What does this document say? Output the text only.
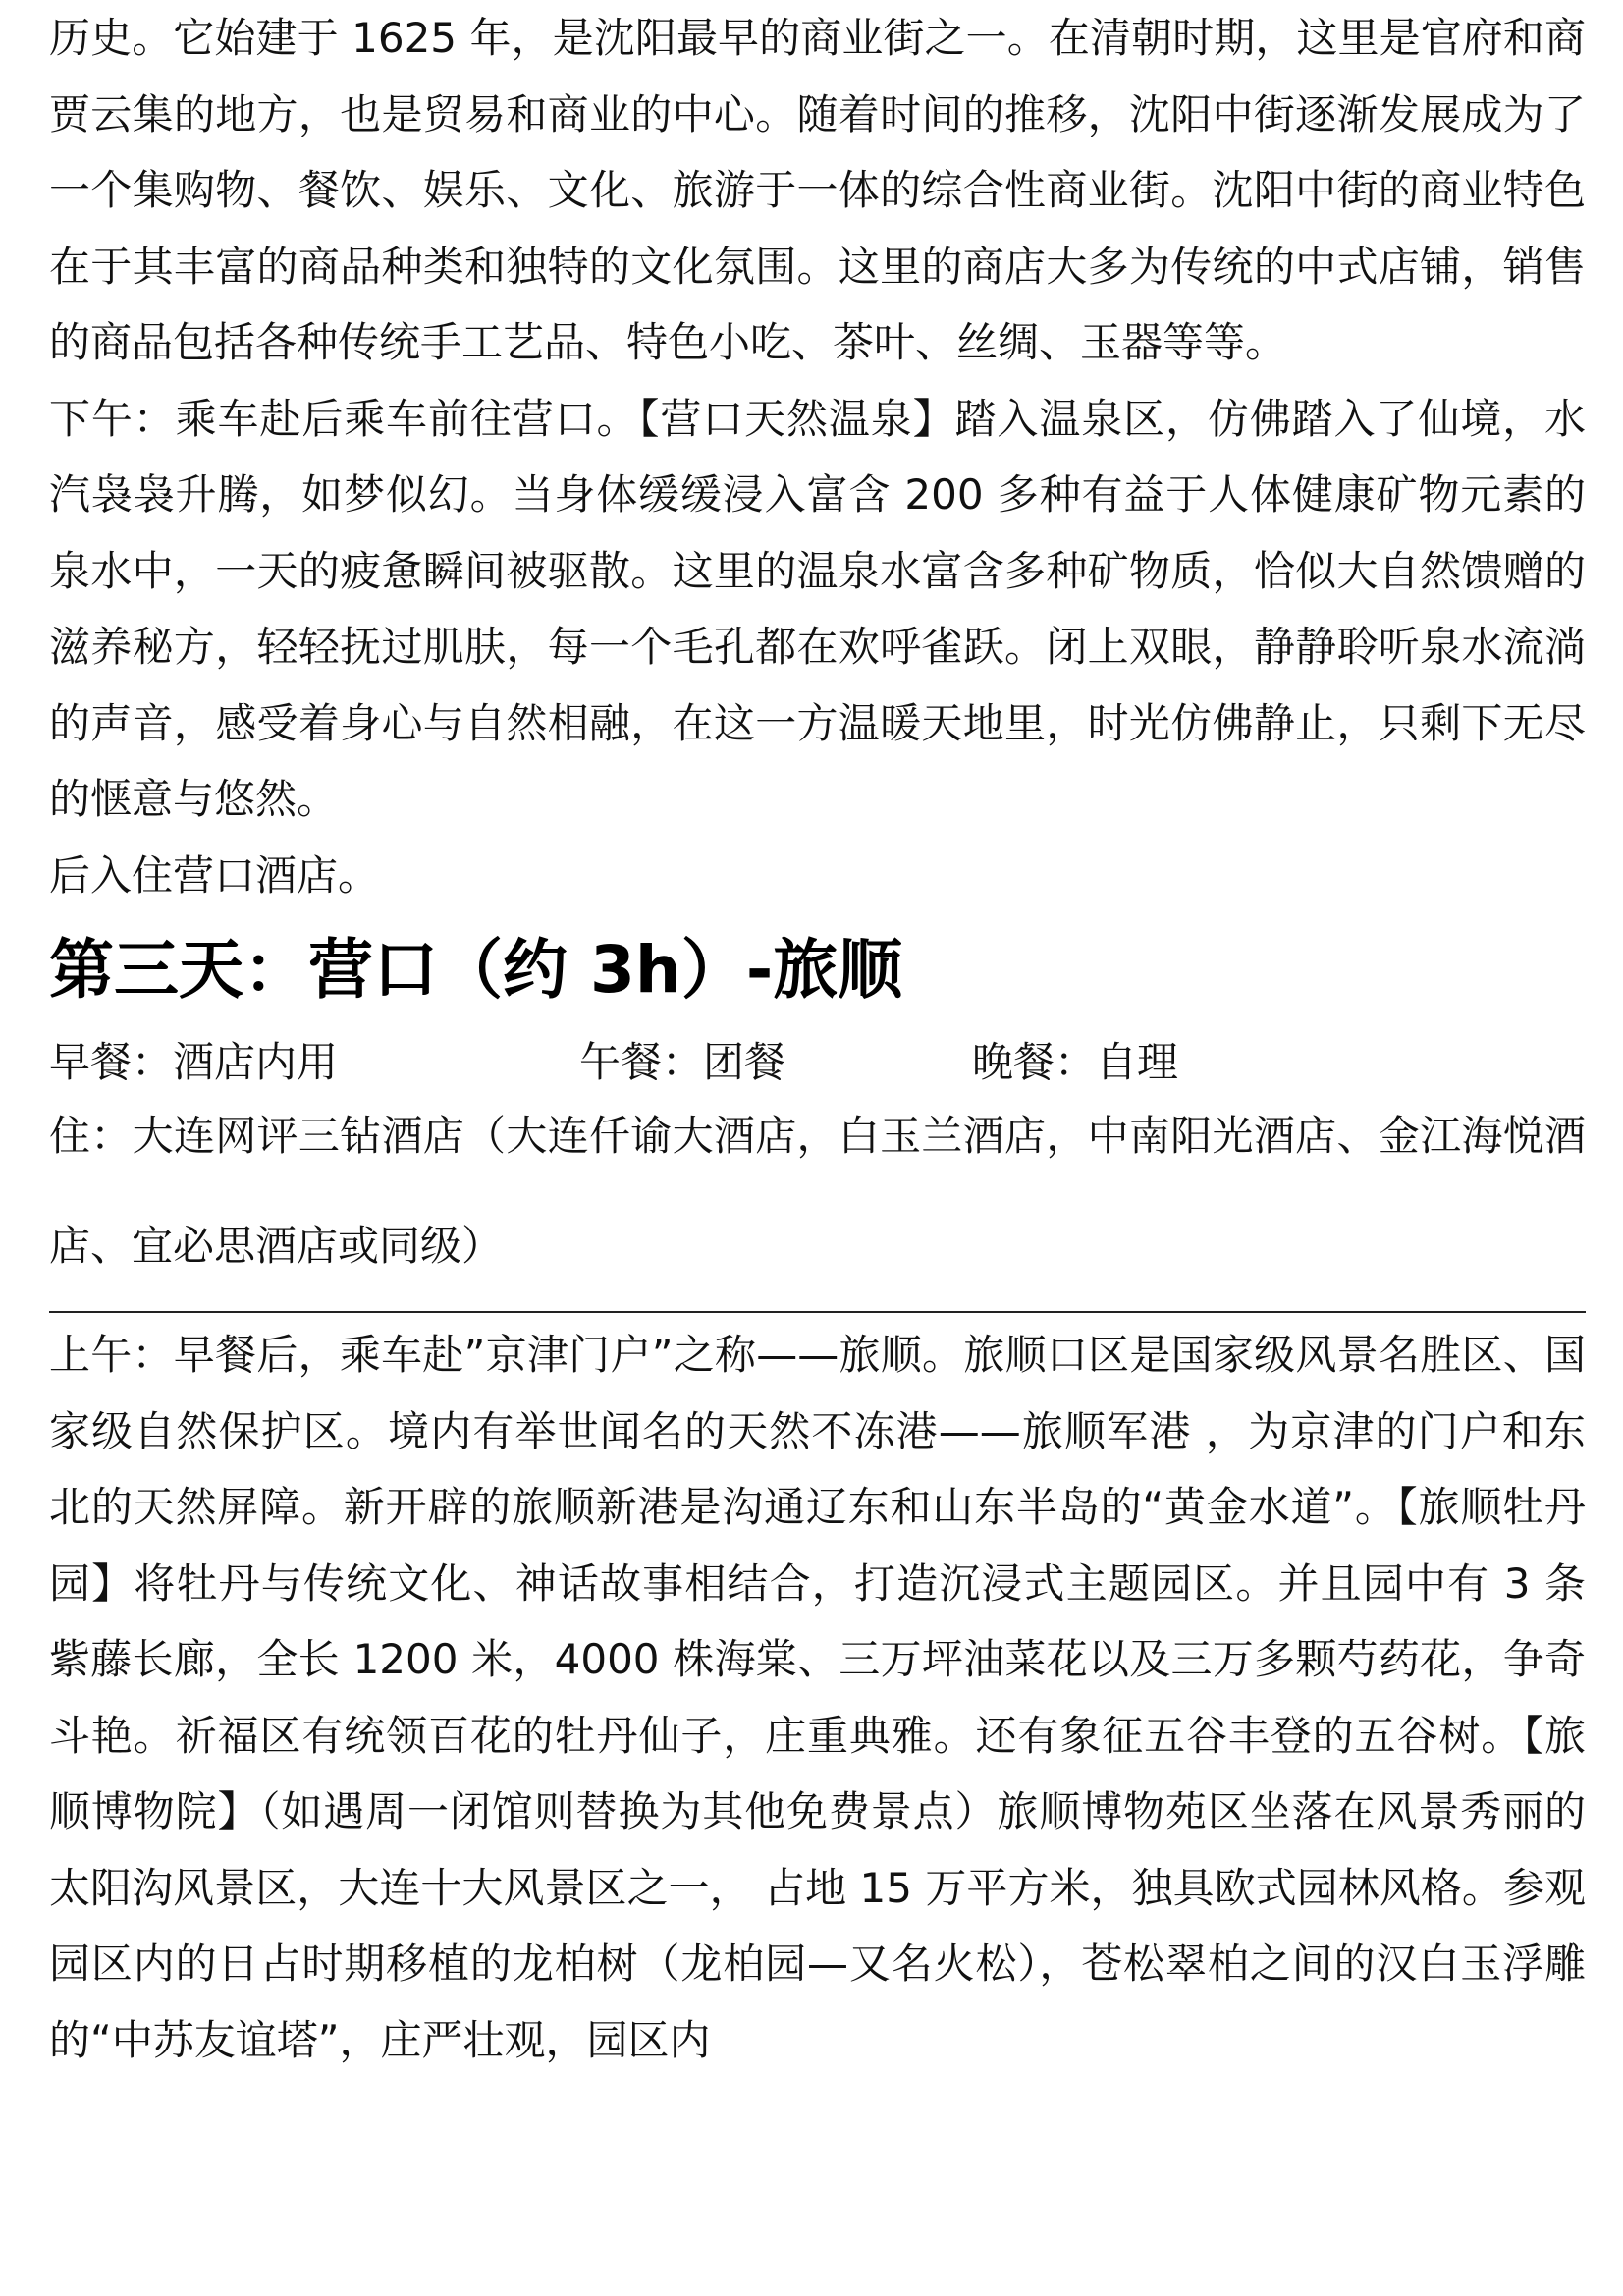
历史。它始建于 1625 年，是沈阳最早的商业街之一。在清朝时期，这里是官府和商贾云集的地方，也是贸易和商业的中心。随着时间的推移，沈阳中街逐渐发展成为了一个集购物、餐饮、娱乐、文化、旅游于一体的综合性商业街。沈阳中街的商业特色在于其丰富的商品种类和独特的文化氛围。这里的商店大多为传统的中式店铺，销售的商品包括各种传统手工艺品、特色小吃、茶叶、丝绸、玉器等等。

下午：乘车赴后乘车前往营口。【营口天然温泉】踏入温泉区，仿佛踏入了仙境，水汽袅袅升腾，如梦似幻。当身体缓缓浸入富含 200 多种有益于人体健康矿物元素的泉水中，一天的疲惫瞬间被驱散。这里的温泉水富含多种矿物质，恰似大自然馈赠的滋养秘方，轻轻抚过肌肤，每一个毛孔都在欢呼雀跃。闭上双眼，静静聆听泉水流淌的声音，感受着身心与自然相融，在这一方温暖天地里，时光仿佛静止，只剩下无尽的惬意与悠然。

后入住营口酒店。

第三天：营口（约 3h）-旅顺
早餐：酒店内用	午餐：团餐	晚餐：自理

住：大连网评三钻酒店（大连仟谕大酒店，白玉兰酒店，中南阳光酒店、金江海悦酒店、宜必思酒店或同级）

上午：早餐后，乘车赴”京津门户”之称——旅顺。旅顺口区是国家级风景名胜区、国家级自然保护区。境内有举世闻名的天然不冻港——旅顺军港 ，为京津的门户和东北的天然屏障。新开辟的旅顺新港是沟通辽东和山东半岛的“黄金水道”。【旅顺牡丹园】将牡丹与传统文化、神话故事相结合，打造沉浸式主题园区。并且园中有 3 条紫藤长廊，全长 1200 米，4000 株海棠、三万坪油菜花以及三万多颗芍药花，争奇斗艳。祈福区有统领百花的牡丹仙子，庄重典雅。还有象征五谷丰登的五谷树。【旅顺博物院】（如遇周一闭馆则替换为其他免费景点）旅顺博物苑区坐落在风景秀丽的太阳沟风景区，大连十大风景区之一， 占地 15 万平方米，独具欧式园林风格。参观园区内的日占时期移植的龙柏树（龙柏园—又名火松），苍松翠柏之间的汉白玉浮雕的“中苏友谊塔”，庄严壮观，园区内
